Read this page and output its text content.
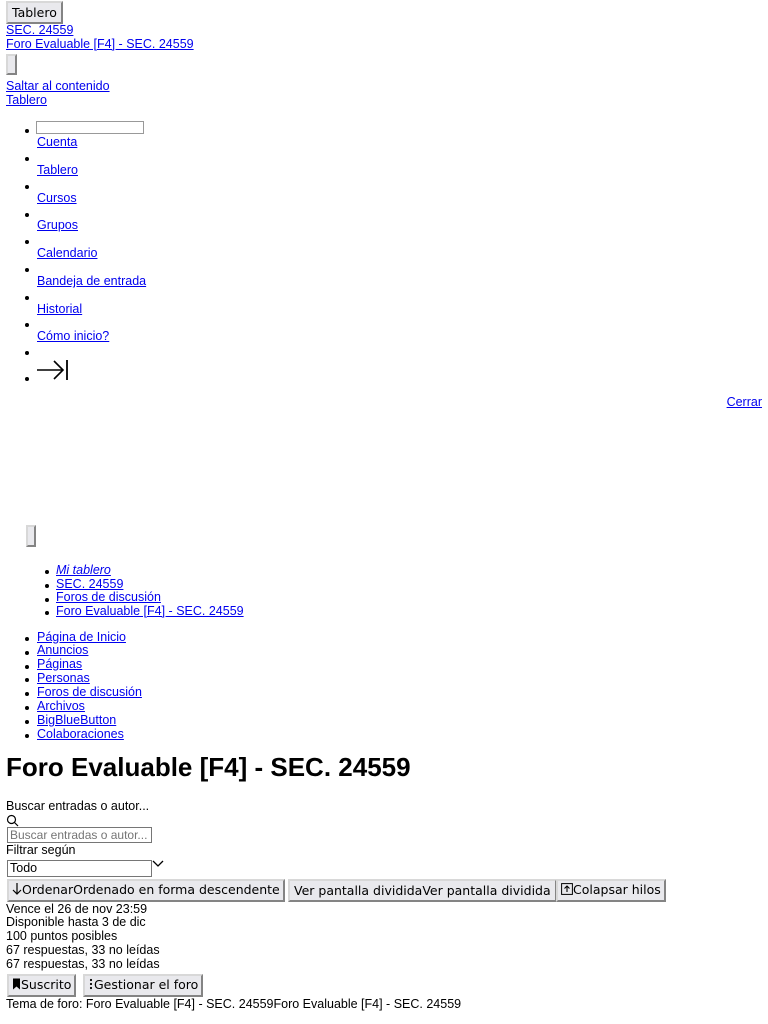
Tablero
SEC. 24559
Foro Evaluable [F4] - SEC. 24559
Saltar al contenido
Tablero
Cuenta
Tablero
Cursos
Grupos
Calendario
Bandeja de entrada
Historial
Cómo inicio?
Cerrar
Mi tablero
SEC. 24559
Foros de discusión
Foro Evaluable [F4] - SEC. 24559
Página de Inicio
Anuncios
Páginas
Personas
Foros de discusión
Archivos
BigBlueButton
Colaboraciones
Foro Evaluable [F4] - SEC. 24559
Buscar entradas o autor...
Buscar entradas o autor...
Filtrar según
Todo
OrdenarOrdenado en forma descendente	Ver pantalla divididaVer pantalla dividida	Colapsar hilos
Vence el 26 de nov 23:59
Disponible hasta 3 de dic
100 puntos posibles
67 respuestas, 33 no leídas
67 respuestas, 33 no leídas
Suscrito	Gestionar el foro
Tema de foro: Foro Evaluable [F4] - SEC. 24559Foro Evaluable [F4] - SEC. 24559
